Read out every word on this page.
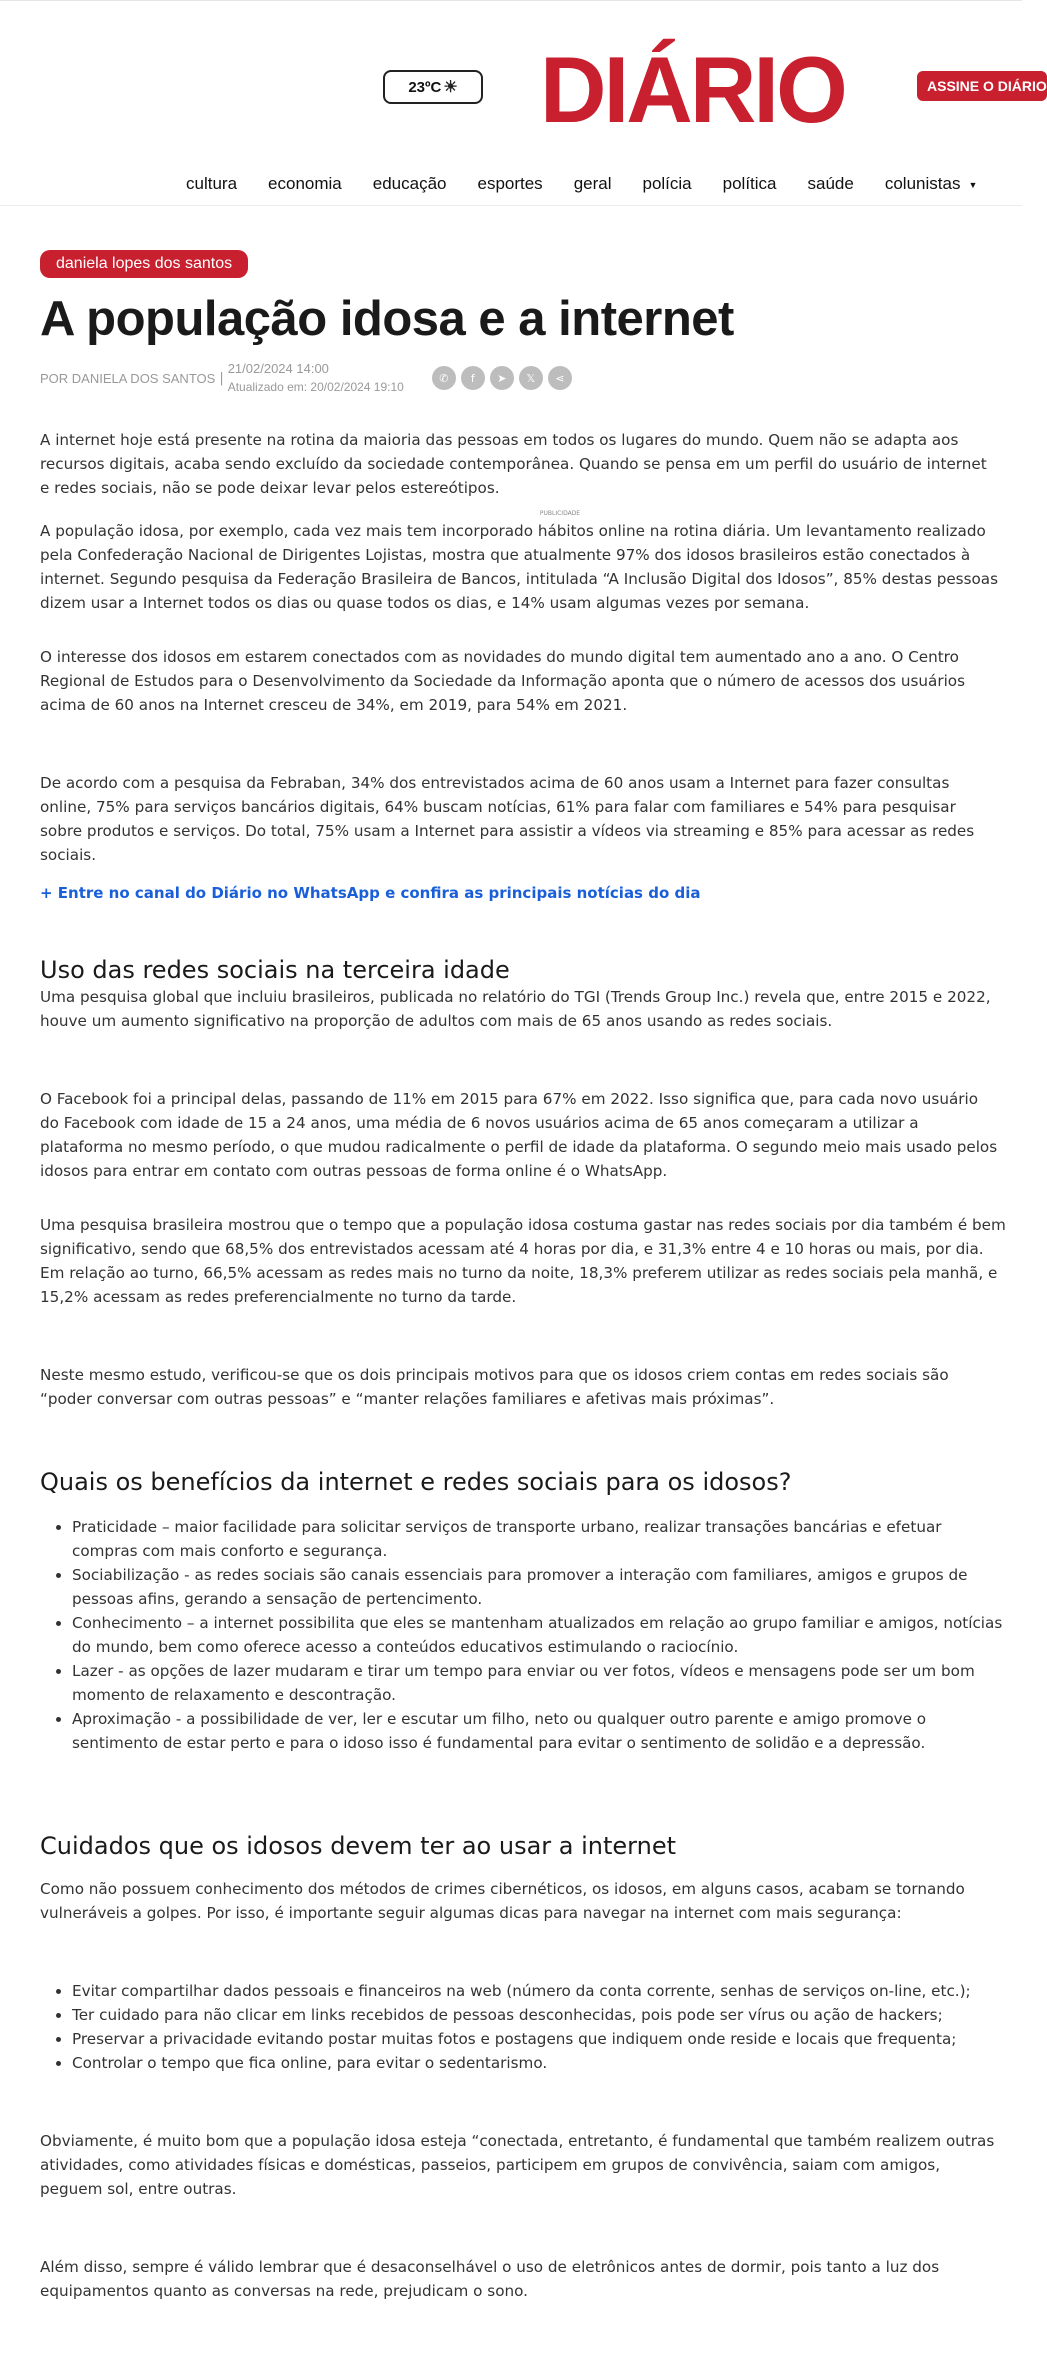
23ºC ☀ DIÁRIO	ASSINE O DIÁRIO
cultura economia educação esportes geral polícia política saúde colunistas ▼
daniela lopes dos santos
A população idosa e a internet
POR DANIELA DOS SANTOS |
21/02/2024 14:00
Atualizado em: 20/02/2024 19:10
✆	f	➤	𝕏	⋖

A internet hoje está presente na rotina da maioria das pessoas em todos os lugares do mundo. Quem não se adapta aos recursos digitais, acaba sendo excluído da sociedade contemporânea. Quando se pensa em um perfil do usuário de internet e redes sociais, não se pode deixar levar pelos estereótipos.

PUBLICIDADE

A população idosa, por exemplo, cada vez mais tem incorporado hábitos online na rotina diária. Um levantamento realizado pela Confederação Nacional de Dirigentes Lojistas, mostra que atualmente 97% dos idosos brasileiros estão conectados à internet. Segundo pesquisa da Federação Brasileira de Bancos, intitulada “A Inclusão Digital dos Idosos”, 85% destas pessoas dizem usar a Internet todos os dias ou quase todos os dias, e 14% usam algumas vezes por semana.

O interesse dos idosos em estarem conectados com as novidades do mundo digital tem aumentado ano a ano. O Centro Regional de Estudos para o Desenvolvimento da Sociedade da Informação aponta que o número de acessos dos usuários acima de 60 anos na Internet cresceu de 34%, em 2019, para 54% em 2021.

De acordo com a pesquisa da Febraban, 34% dos entrevistados acima de 60 anos usam a Internet para fazer consultas online, 75% para serviços bancários digitais, 64% buscam notícias, 61% para falar com familiares e 54% para pesquisar sobre produtos e serviços. Do total, 75% usam a Internet para assistir a vídeos via streaming e 85% para acessar as redes sociais.

+ Entre no canal do Diário no WhatsApp e confira as principais notícias do dia

Uso das redes sociais na terceira idade

Uma pesquisa global que incluiu brasileiros, publicada no relatório do TGI (Trends Group Inc.) revela que, entre 2015 e 2022, houve um aumento significativo na proporção de adultos com mais de 65 anos usando as redes sociais.

O Facebook foi a principal delas, passando de 11% em 2015 para 67% em 2022. Isso significa que, para cada novo usuário do Facebook com idade de 15 a 24 anos, uma média de 6 novos usuários acima de 65 anos começaram a utilizar a plataforma no mesmo período, o que mudou radicalmente o perfil de idade da plataforma. O segundo meio mais usado pelos idosos para entrar em contato com outras pessoas de forma online é o WhatsApp.

Uma pesquisa brasileira mostrou que o tempo que a população idosa costuma gastar nas redes sociais por dia também é bem significativo, sendo que 68,5% dos entrevistados acessam até 4 horas por dia, e 31,3% entre 4 e 10 horas ou mais, por dia. Em relação ao turno, 66,5% acessam as redes mais no turno da noite, 18,3% preferem utilizar as redes sociais pela manhã, e 15,2% acessam as redes preferencialmente no turno da tarde.

Neste mesmo estudo, verificou-se que os dois principais motivos para que os idosos criem contas em redes sociais são “poder conversar com outras pessoas” e “manter relações familiares e afetivas mais próximas”.

Quais os benefícios da internet e redes sociais para os idosos?
• Praticidade – maior facilidade para solicitar serviços de transporte urbano, realizar transações bancárias e efetuar compras com mais conforto e segurança.
• Sociabilização - as redes sociais são canais essenciais para promover a interação com familiares, amigos e grupos de pessoas afins, gerando a sensação de pertencimento.
• Conhecimento – a internet possibilita que eles se mantenham atualizados em relação ao grupo familiar e amigos, notícias do mundo, bem como oferece acesso a conteúdos educativos estimulando o raciocínio.
• Lazer - as opções de lazer mudaram e tirar um tempo para enviar ou ver fotos, vídeos e mensagens pode ser um bom momento de relaxamento e descontração.
• Aproximação - a possibilidade de ver, ler e escutar um filho, neto ou qualquer outro parente e amigo promove o sentimento de estar perto e para o idoso isso é fundamental para evitar o sentimento de solidão e a depressão.
Cuidados que os idosos devem ter ao usar a internet

Como não possuem conhecimento dos métodos de crimes cibernéticos, os idosos, em alguns casos, acabam se tornando vulneráveis a golpes. Por isso, é importante seguir algumas dicas para navegar na internet com mais segurança:

• Evitar compartilhar dados pessoais e financeiros na web (número da conta corrente, senhas de serviços on-line, etc.);
• Ter cuidado para não clicar em links recebidos de pessoas desconhecidas, pois pode ser vírus ou ação de hackers;
• Preservar a privacidade evitando postar muitas fotos e postagens que indiquem onde reside e locais que frequenta;
• Controlar o tempo que fica online, para evitar o sedentarismo.

Obviamente, é muito bom que a população idosa esteja “conectada, entretanto, é fundamental que também realizem outras atividades, como atividades físicas e domésticas, passeios, participem em grupos de convivência, saiam com amigos, peguem sol, entre outras.

Além disso, sempre é válido lembrar que é desaconselhável o uso de eletrônicos antes de dormir, pois tanto a luz dos equipamentos quanto as conversas na rede, prejudicam o sono.
